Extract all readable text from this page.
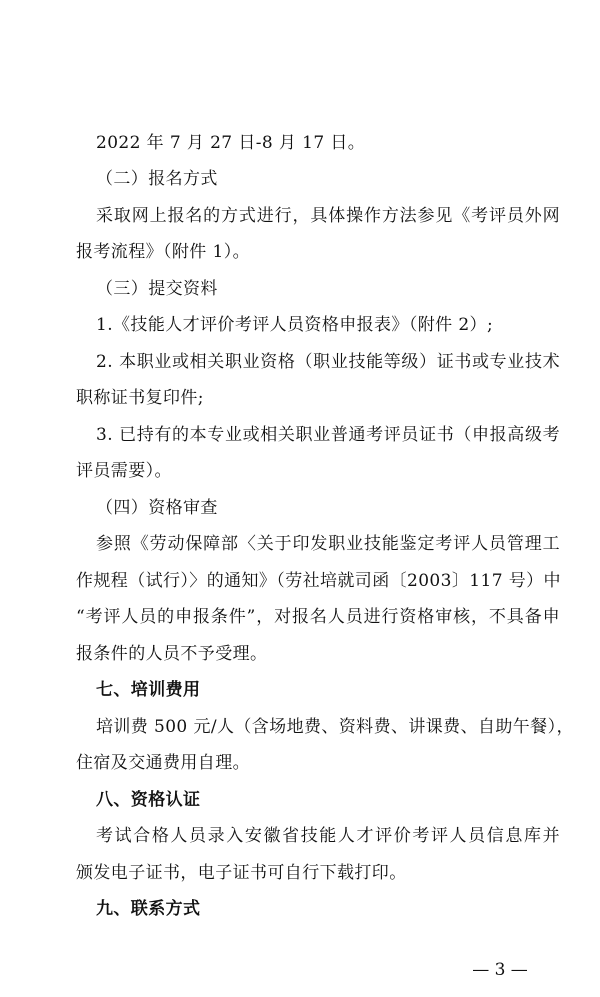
2022 年 7 月 27 日-8 月 17 日。
（二）报名方式
采取网上报名的方式进行，具体操作方法参见《考评员外网
报考流程》（附件 1）。
（三）提交资料
1.《技能人才评价考评人员资格申报表》（附件 2）;
2. 本职业或相关职业资格（职业技能等级）证书或专业技术
职称证书复印件;
3. 已持有的本专业或相关职业普通考评员证书（申报高级考
评员需要）。
（四）资格审查
参照《劳动保障部〈关于印发职业技能鉴定考评人员管理工
作规程（试行）〉的通知》（劳社培就司函〔2003〕117 号）中
“考评人员的申报条件”，对报名人员进行资格审核，不具备申
报条件的人员不予受理。
七、培训费用
培训费 500 元/人（含场地费、资料费、讲课费、自助午餐），
住宿及交通费用自理。
八、资格认证
考试合格人员录入安徽省技能人才评价考评人员信息库并
颁发电子证书，电子证书可自行下载打印。
九、联系方式
— 3 —
